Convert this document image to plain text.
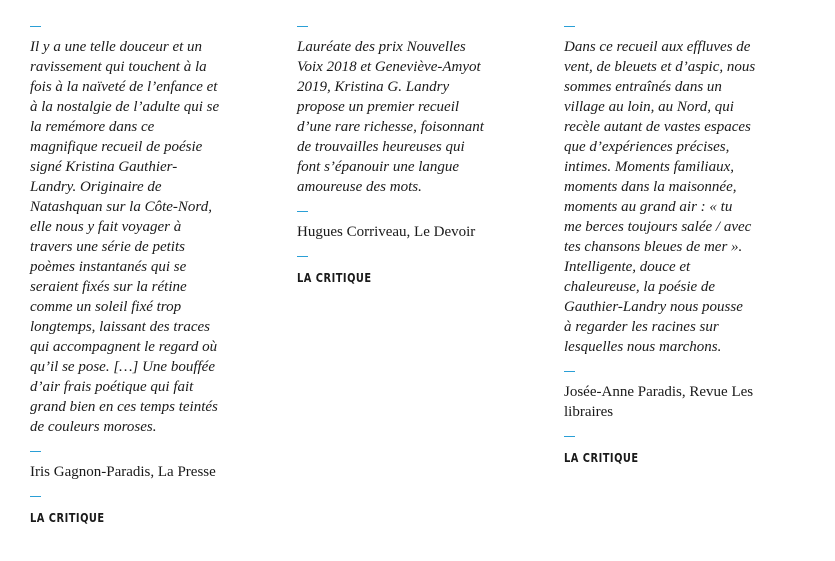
Il y a une telle douceur et un
ravissement qui touchent à la
fois à la naïveté de l’enfance et
à la nostalgie de l’adulte qui se
la remémore dans ce
magnifique recueil de poésie
signé Kristina Gauthier-
Landry. Originaire de
Natashquan sur la Côte-Nord,
elle nous y fait voyager à
travers une série de petits
poèmes instantanés qui se
seraient fixés sur la rétine
comme un soleil fixé trop
longtemps, laissant des traces
qui accompagnent le regard où
qu’il se pose. […] Une bouffée
d’air frais poétique qui fait
grand bien en ces temps teintés
de couleurs moroses.

Iris Gagnon-Paradis, La Presse

LA CRITIQUE

Lauréate des prix Nouvelles
Voix 2018 et Geneviève-Amyot
2019, Kristina G. Landry
propose un premier recueil
d’une rare richesse, foisonnant
de trouvailles heureuses qui
font s’épanouir une langue
amoureuse des mots.

Hugues Corriveau, Le Devoir

LA CRITIQUE

Dans ce recueil aux effluves de
vent, de bleuets et d’aspic, nous
sommes entraînés dans un
village au loin, au Nord, qui
recèle autant de vastes espaces
que d’expériences précises,
intimes. Moments familiaux,
moments dans la maisonnée,
moments au grand air : « tu
me berces toujours salée / avec
tes chansons bleues de mer ».
Intelligente, douce et
chaleureuse, la poésie de
Gauthier-Landry nous pousse
à regarder les racines sur
lesquelles nous marchons.

Josée-Anne Paradis, Revue Les
libraires

LA CRITIQUE
